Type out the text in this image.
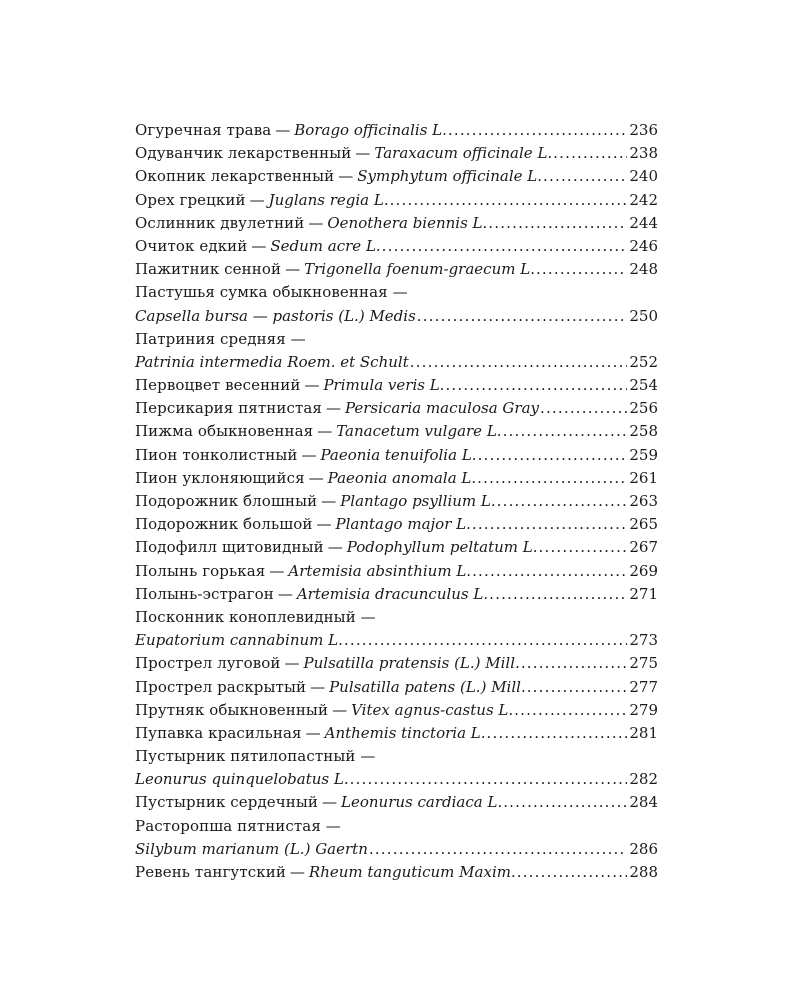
Огуречная трава — Borago officinalis L. .....	236
Одуванчик лекарственный — Taraxacum officinale L. .....	238
Окопник лекарственный — Symphytum officinale L. .....	240
Орех грецкий — Juglans regia L. .....	242
Ослинник двулетний — Oenothera biennis L. .....	244
Очиток едкий — Sedum acre L. .....	246
Пажитник сенной — Trigonella foenum-graecum L. .....	248
Пастушья сумка обыкновенная —
Capsella bursa — pastoris (L.) Medis .....	250
Патриния средняя —
Patrinia intermedia Roem. et Schult .....	252
Первоцвет весенний — Primula veris L. .....	254
Персикария пятнистая — Persicaria maculosa Gray .....	256
Пижма обыкновенная — Tanacetum vulgare L. .....	258
Пион тонколистный — Paeonia tenuifolia L. .....	259
Пион уклоняющийся — Paeonia anomala L. .....	261
Подорожник блошный — Plantago psyllium L. .....	263
Подорожник большой — Plantago major L. .....	265
Подофилл щитовидный — Podophyllum peltatum L. .....	267
Полынь горькая — Artemisia absinthium L. .....	269
Полынь-эстрагон — Artemisia dracunculus L. .....	271
Посконник коноплевидный —
Eupatorium cannabinum L. .....	273
Прострел луговой — Pulsatilla pratensis (L.) Mill. .....	275
Прострел раскрытый — Pulsatilla patens (L.) Mill. .....	277
Прутняк обыкновенный — Vitex agnus-castus L. .....	279
Пупавка красильная — Anthemis tinctoria L. .....	281
Пустырник пятилопастный —
Leonurus quinquelobatus L. .....	282
Пустырник сердечный — Leonurus cardiaca L. .....	284
Расторопша пятнистая —
Silybum marianum (L.) Gaertn .....	286
Ревень тангутский — Rheum tanguticum Maxim. .....	288
